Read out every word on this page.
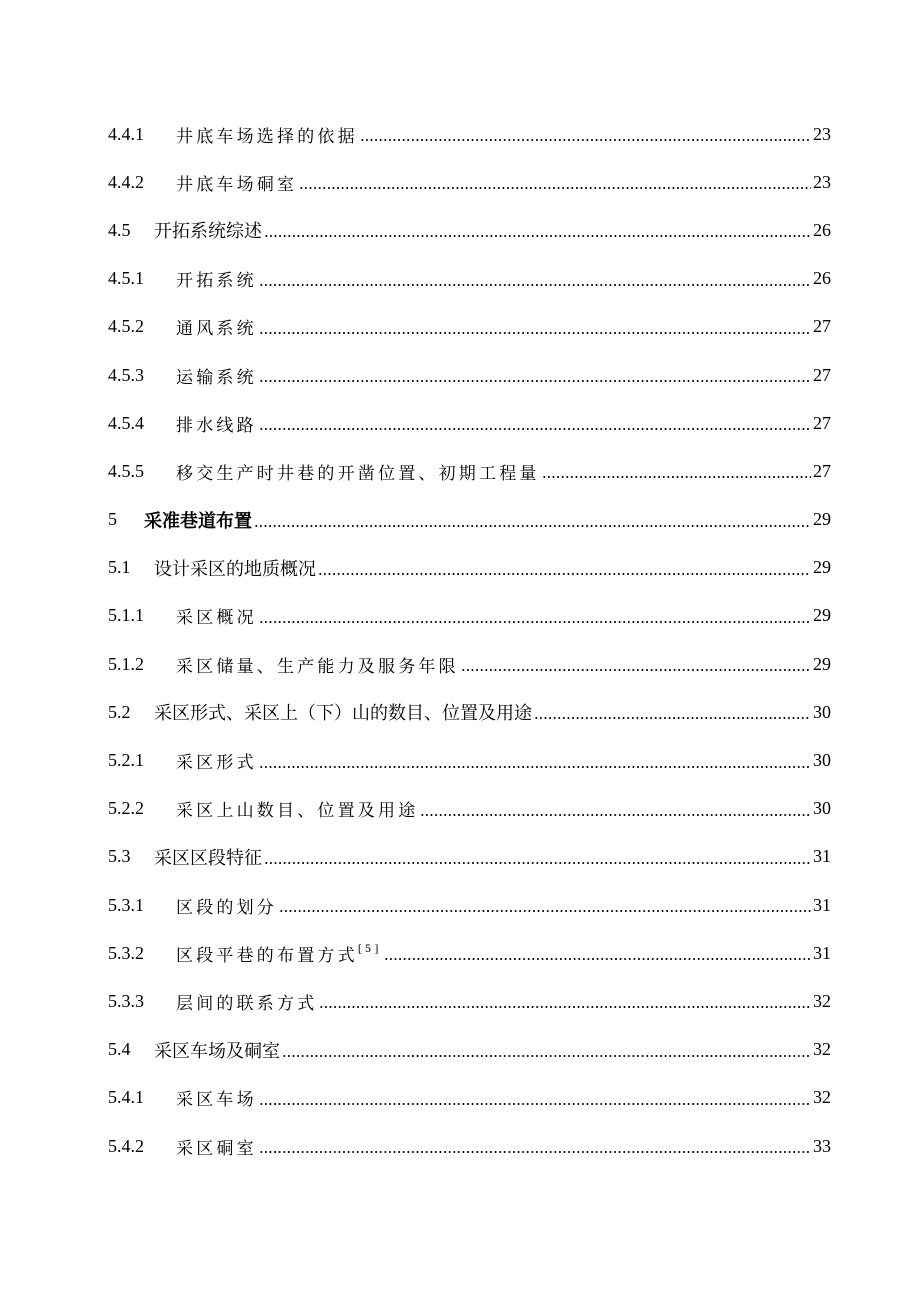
4.4.1	井底车场选择的依据	23
4.4.2	井底车场硐室	23
4.5	开拓系统综述	26
4.5.1	开拓系统	26
4.5.2	通风系统	27
4.5.3	运输系统	27
4.5.4	排水线路	27
4.5.5	移交生产时井巷的开凿位置、初期工程量	27
5	采准巷道布置	29
5.1	设计采区的地质概况	29
5.1.1	采区概况	29
5.1.2	采区储量、生产能力及服务年限	29
5.2	采区形式、采区上（下）山的数目、位置及用途	30
5.2.1	采区形式	30
5.2.2	采区上山数目、位置及用途	30
5.3	采区区段特征	31
5.3.1	区段的划分	31
5.3.2	区段平巷的布置方式[5]	31
5.3.3	层间的联系方式	32
5.4	采区车场及硐室	32
5.4.1	采区车场	32
5.4.2	采区硐室	33
